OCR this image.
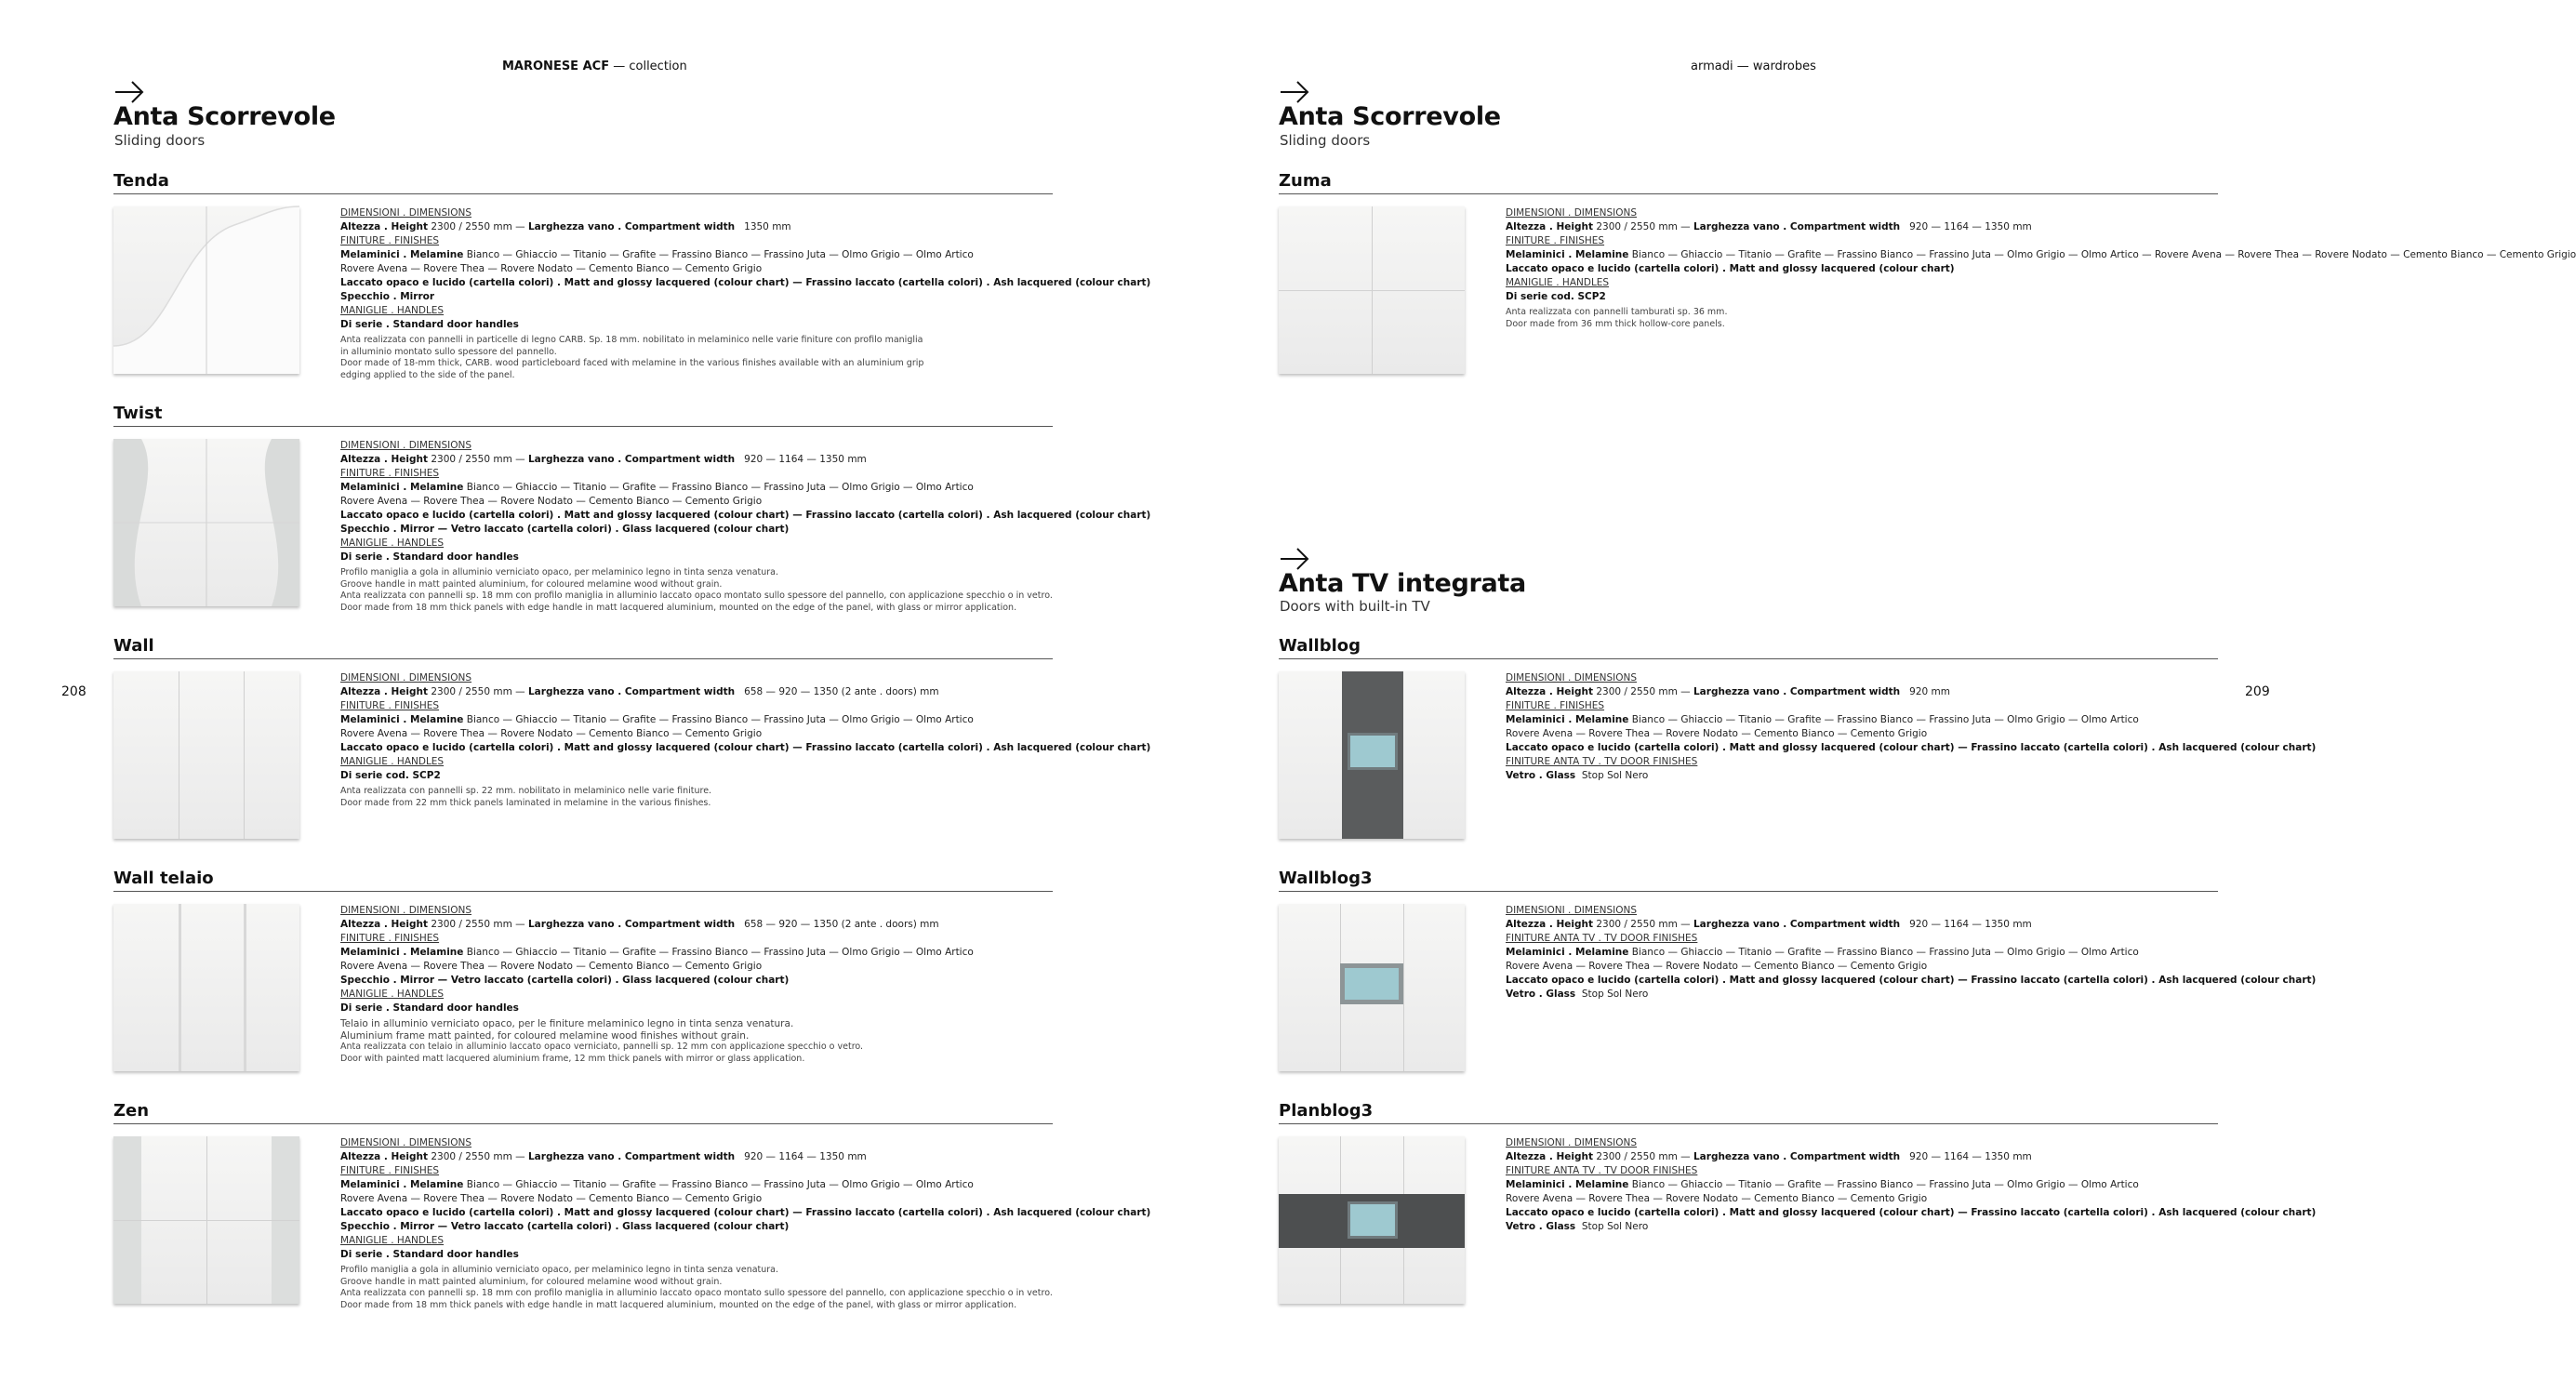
MARONESE ACF — collection
208
Anta Scorrevole
Sliding doors
Tenda

DIMENSIONI . DIMENSIONS

Altezza . Height 2300 / 2550 mm — Larghezza vano . Compartment width 1350 mm

FINITURE . FINISHES

Melaminici . Melamine Bianco — Ghiaccio — Titanio — Grafite — Frassino Bianco — Frassino Juta — Olmo Grigio — Olmo Artico

Rovere Avena — Rovere Thea — Rovere Nodato — Cemento Bianco — Cemento Grigio

Laccato opaco e lucido (cartella colori) . Matt and glossy lacquered (colour chart) — Frassino laccato (cartella colori) . Ash lacquered (colour chart)

Specchio . Mirror

MANIGLIE . HANDLES

Di serie . Standard door handles

Anta realizzata con pannelli in particelle di legno CARB. Sp. 18 mm. nobilitato in melaminico nelle varie finiture con profilo maniglia

in alluminio montato sullo spessore del pannello.

Door made of 18-mm thick, CARB. wood particleboard faced with melamine in the various finishes available with an aluminium grip

edging applied to the side of the panel.

Twist

DIMENSIONI . DIMENSIONS

Altezza . Height 2300 / 2550 mm — Larghezza vano . Compartment width 920 — 1164 — 1350 mm

FINITURE . FINISHES

Melaminici . Melamine Bianco — Ghiaccio — Titanio — Grafite — Frassino Bianco — Frassino Juta — Olmo Grigio — Olmo Artico

Rovere Avena — Rovere Thea — Rovere Nodato — Cemento Bianco — Cemento Grigio

Laccato opaco e lucido (cartella colori) . Matt and glossy lacquered (colour chart) — Frassino laccato (cartella colori) . Ash lacquered (colour chart)

Specchio . Mirror — Vetro laccato (cartella colori) . Glass lacquered (colour chart)

MANIGLIE . HANDLES

Di serie . Standard door handles

Profilo maniglia a gola in alluminio verniciato opaco, per melaminico legno in tinta senza venatura.

Groove handle in matt painted aluminium, for coloured melamine wood without grain.

Anta realizzata con pannelli sp. 18 mm con profilo maniglia in alluminio laccato opaco montato sullo spessore del pannello, con applicazione specchio o in vetro.

Door made from 18 mm thick panels with edge handle in matt lacquered aluminium, mounted on the edge of the panel, with glass or mirror application.

Wall

DIMENSIONI . DIMENSIONS

Altezza . Height 2300 / 2550 mm — Larghezza vano . Compartment width 658 — 920 — 1350 (2 ante . doors) mm

FINITURE . FINISHES

Melaminici . Melamine Bianco — Ghiaccio — Titanio — Grafite — Frassino Bianco — Frassino Juta — Olmo Grigio — Olmo Artico

Rovere Avena — Rovere Thea — Rovere Nodato — Cemento Bianco — Cemento Grigio

Laccato opaco e lucido (cartella colori) . Matt and glossy lacquered (colour chart) — Frassino laccato (cartella colori) . Ash lacquered (colour chart)

MANIGLIE . HANDLES

Di serie cod. SCP2

Anta realizzata con pannelli sp. 22 mm. nobilitato in melaminico nelle varie finiture.

Door made from 22 mm thick panels laminated in melamine in the various finishes.

Wall telaio

DIMENSIONI . DIMENSIONS

Altezza . Height 2300 / 2550 mm — Larghezza vano . Compartment width 658 — 920 — 1350 (2 ante . doors) mm

FINITURE . FINISHES

Melaminici . Melamine Bianco — Ghiaccio — Titanio — Grafite — Frassino Bianco — Frassino Juta — Olmo Grigio — Olmo Artico

Rovere Avena — Rovere Thea — Rovere Nodato — Cemento Bianco — Cemento Grigio

Specchio . Mirror — Vetro laccato (cartella colori) . Glass lacquered (colour chart)

MANIGLIE . HANDLES

Di serie . Standard door handles

Telaio in alluminio verniciato opaco, per le finiture melaminico legno in tinta senza venatura.

Aluminium frame matt painted, for coloured melamine wood finishes without grain.

Anta realizzata con telaio in alluminio laccato opaco verniciato, pannelli sp. 12 mm con applicazione specchio o vetro.

Door with painted matt lacquered aluminium frame, 12 mm thick panels with mirror or glass application.

Zen

DIMENSIONI . DIMENSIONS

Altezza . Height 2300 / 2550 mm — Larghezza vano . Compartment width 920 — 1164 — 1350 mm

FINITURE . FINISHES

Melaminici . Melamine Bianco — Ghiaccio — Titanio — Grafite — Frassino Bianco — Frassino Juta — Olmo Grigio — Olmo Artico

Rovere Avena — Rovere Thea — Rovere Nodato — Cemento Bianco — Cemento Grigio

Laccato opaco e lucido (cartella colori) . Matt and glossy lacquered (colour chart) — Frassino laccato (cartella colori) . Ash lacquered (colour chart)

Specchio . Mirror — Vetro laccato (cartella colori) . Glass lacquered (colour chart)

MANIGLIE . HANDLES

Di serie . Standard door handles

Profilo maniglia a gola in alluminio verniciato opaco, per melaminico legno in tinta senza venatura.

Groove handle in matt painted aluminium, for coloured melamine wood without grain.

Anta realizzata con pannelli sp. 18 mm con profilo maniglia in alluminio laccato opaco montato sullo spessore del pannello, con applicazione specchio o in vetro.

Door made from 18 mm thick panels with edge handle in matt lacquered aluminium, mounted on the edge of the panel, with glass or mirror application.

armadi — wardrobes
209
Anta Scorrevole
Sliding doors
Zuma

DIMENSIONI . DIMENSIONS

Altezza . Height 2300 / 2550 mm — Larghezza vano . Compartment width 920 — 1164 — 1350 mm

FINITURE . FINISHES

Melaminici . Melamine Bianco — Ghiaccio — Titanio — Grafite — Frassino Bianco — Frassino Juta — Olmo Grigio — Olmo Artico — Rovere Avena — Rovere Thea — Rovere Nodato — Cemento Bianco — Cemento Grigio

Laccato opaco e lucido (cartella colori) . Matt and glossy lacquered (colour chart)

MANIGLIE . HANDLES

Di serie cod. SCP2

Anta realizzata con pannelli tamburati sp. 36 mm.

Door made from 36 mm thick hollow-core panels.

Anta TV integrata
Doors with built-in TV
Wallblog

DIMENSIONI . DIMENSIONS

Altezza . Height 2300 / 2550 mm — Larghezza vano . Compartment width 920 mm

FINITURE . FINISHES

Melaminici . Melamine Bianco — Ghiaccio — Titanio — Grafite — Frassino Bianco — Frassino Juta — Olmo Grigio — Olmo Artico

Rovere Avena — Rovere Thea — Rovere Nodato — Cemento Bianco — Cemento Grigio

Laccato opaco e lucido (cartella colori) . Matt and glossy lacquered (colour chart) — Frassino laccato (cartella colori) . Ash lacquered (colour chart)

FINITURE ANTA TV . TV DOOR FINISHES

Vetro . Glass Stop Sol Nero

Wallblog3

DIMENSIONI . DIMENSIONS

Altezza . Height 2300 / 2550 mm — Larghezza vano . Compartment width 920 — 1164 — 1350 mm

FINITURE ANTA TV . TV DOOR FINISHES

Melaminici . Melamine Bianco — Ghiaccio — Titanio — Grafite — Frassino Bianco — Frassino Juta — Olmo Grigio — Olmo Artico

Rovere Avena — Rovere Thea — Rovere Nodato — Cemento Bianco — Cemento Grigio

Laccato opaco e lucido (cartella colori) . Matt and glossy lacquered (colour chart) — Frassino laccato (cartella colori) . Ash lacquered (colour chart)

Vetro . Glass Stop Sol Nero

Planblog3

DIMENSIONI . DIMENSIONS

Altezza . Height 2300 / 2550 mm — Larghezza vano . Compartment width 920 — 1164 — 1350 mm

FINITURE ANTA TV . TV DOOR FINISHES

Melaminici . Melamine Bianco — Ghiaccio — Titanio — Grafite — Frassino Bianco — Frassino Juta — Olmo Grigio — Olmo Artico

Rovere Avena — Rovere Thea — Rovere Nodato — Cemento Bianco — Cemento Grigio

Laccato opaco e lucido (cartella colori) . Matt and glossy lacquered (colour chart) — Frassino laccato (cartella colori) . Ash lacquered (colour chart)

Vetro . Glass Stop Sol Nero
